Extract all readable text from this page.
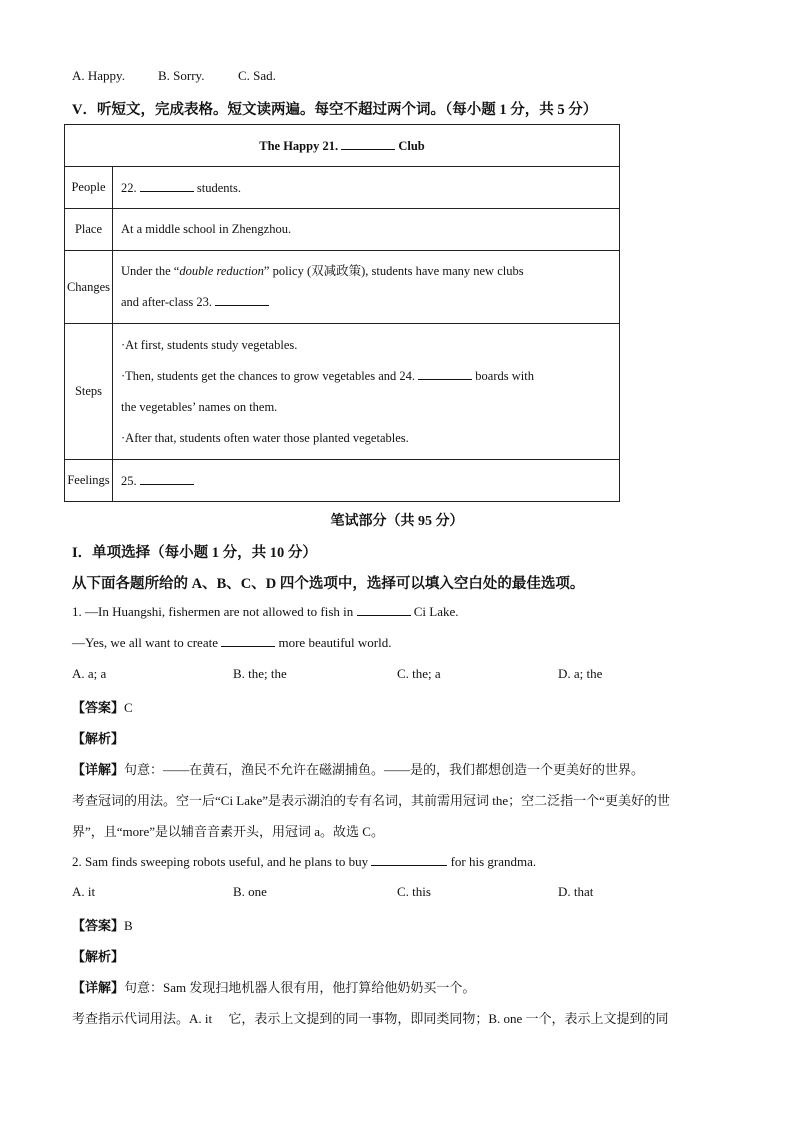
A. Happy.	B. Sorry.	C. Sad.
V．听短文，完成表格。短文读两遍。每空不超过两个词。（每小题 1 分，共 5 分）
The Happy 21. Club	
People	22. students.
Place	At a middle school in Zhengzhou.
Changes	Under the “double reduction” policy (双减政策), students have many new clubs
and after-class 23.

Steps	·At first, students study vegetables.
·Then, students get the chances to grow vegetables and 24. boards with
the vegetables’ names on them.
·After that, students often water those planted vegetables.

Feelings	25.
笔试部分（共 95 分）
I．单项选择（每小题 1 分，共 10 分）
从下面各题所给的 A、B、C、D 四个选项中，选择可以填入空白处的最佳选项。
1. —In Huangshi, fishermen are not allowed to fish in	Ci Lake.
—Yes, we all want to create	more beautiful world.
A. a; a	B. the; the	C. the; a	D. a; the
【答案】C
【解析】
【详解】句意：——在黄石，渔民不允许在磁湖捕鱼。——是的，我们都想创造一个更美好的世界。
考查冠词的用法。空一后“Ci Lake”是表示湖泊的专有名词，其前需用冠词 the；空二泛指一个“更美好的世
界”，且“more”是以辅音音素开头，用冠词 a。故选 C。
2. Sam finds sweeping robots useful, and he plans to buy	for his grandma.
A. it	B. one	C. this	D. that
【答案】B
【解析】
【详解】句意：Sam 发现扫地机器人很有用，他打算给他奶奶买一个。
考查指示代词用法。A. it　 它，表示上文提到的同一事物，即同类同物；B. one 一个，表示上文提到的同
